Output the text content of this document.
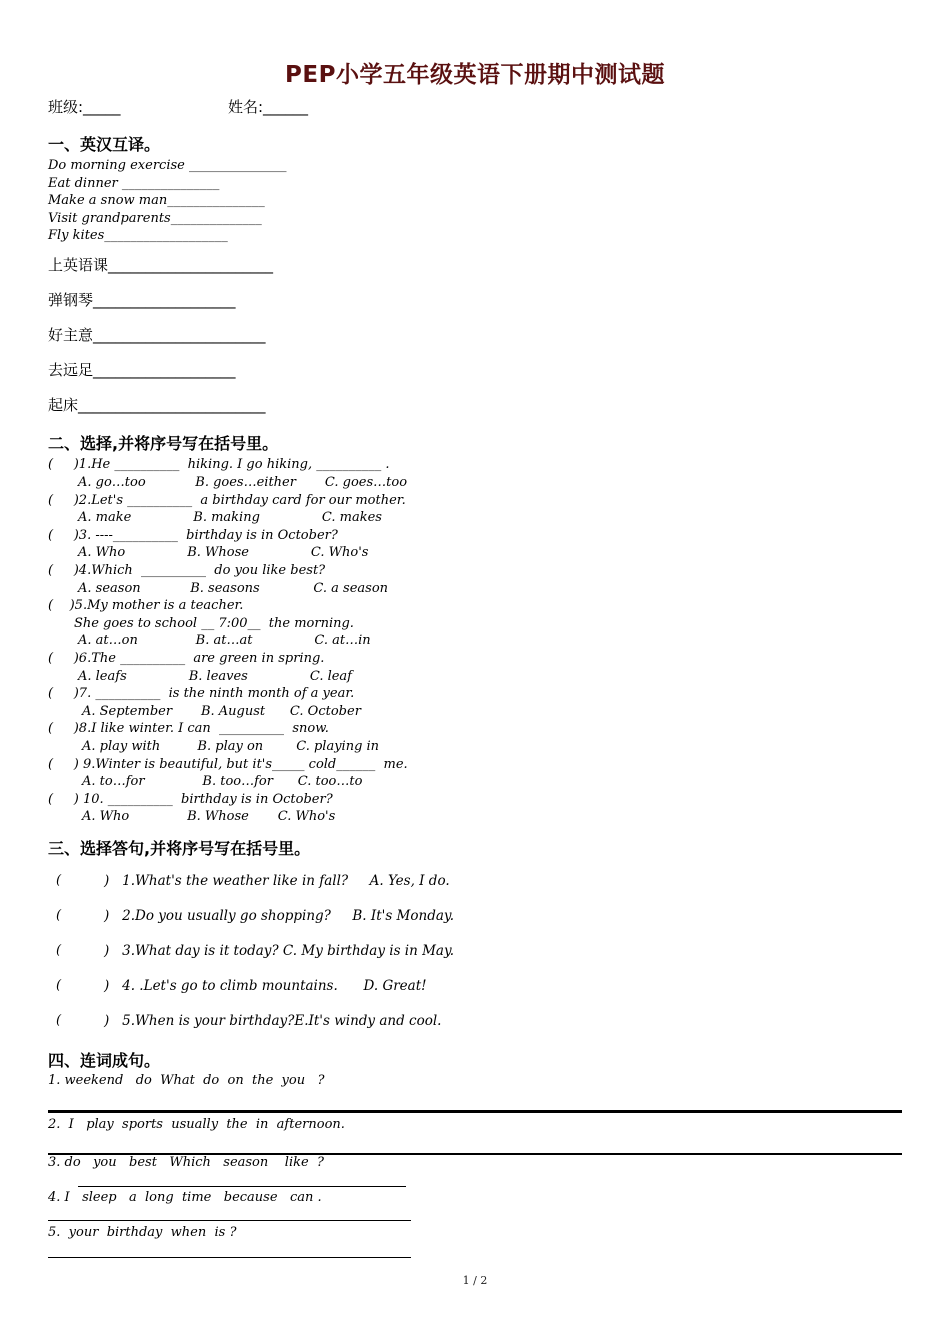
PEP小学五年级英语下册期中测试题
班级:_____	姓名:______
一、英汉互译。
Do morning exercise _______________
Eat dinner _______________
Make a snow man_______________
Visit grandparents______________
Fly kites___________________
上英语课______________________
弹钢琴___________________
好主意_______________________
去远足___________________
起床_________________________
二、选择,并将序号写在括号里。
(     )1.He __________  hiking. I go hiking, __________ .
A. go…too            B. goes…either       C. goes…too
(     )2.Let's __________  a birthday card for our mother.
A. make               B. making               C. makes
(     )3. ----__________  birthday is in October?
A. Who               B. Whose               C. Who's
(     )4.Which  __________  do you like best?
A. season            B. seasons             C. a season
(    )5.My mother is a teacher.
She goes to school __ 7:00__  the morning.
A. at…on              B. at…at               C. at…in
(     )6.The __________  are green in spring.
A. leafs               B. leaves               C. leaf
(     )7. __________  is the ninth month of a year.
A. September       B. August      C. October
(     )8.I like winter. I can  __________  snow.
A. play with         B. play on        C. playing in
(     ) 9.Winter is beautiful, but it's_____ cold______  me.
A. to…for              B. too…for      C. too…to
(     ) 10. __________  birthday is in October?
A. Who              B. Whose       C. Who's
三、选择答句,并将序号写在括号里。
(	)   1.What's the weather like in fall?     A. Yes, I do.
(	)   2.Do you usually go shopping?     B. It's Monday.
(	)   3.What day is it today? C. My birthday is in May.
(	)   4. .Let's go to climb mountains.      D. Great!
(	)   5.When is your birthday?E.It's windy and cool.
四、连词成句。
1. weekend   do  What  do  on  the  you   ?
2.  I   play  sports  usually  the  in  afternoon.
3. do   you   best   Which   season    like  ?
4. I   sleep   a  long  time   because   can .
5.  your  birthday  when  is ?
1 / 2
